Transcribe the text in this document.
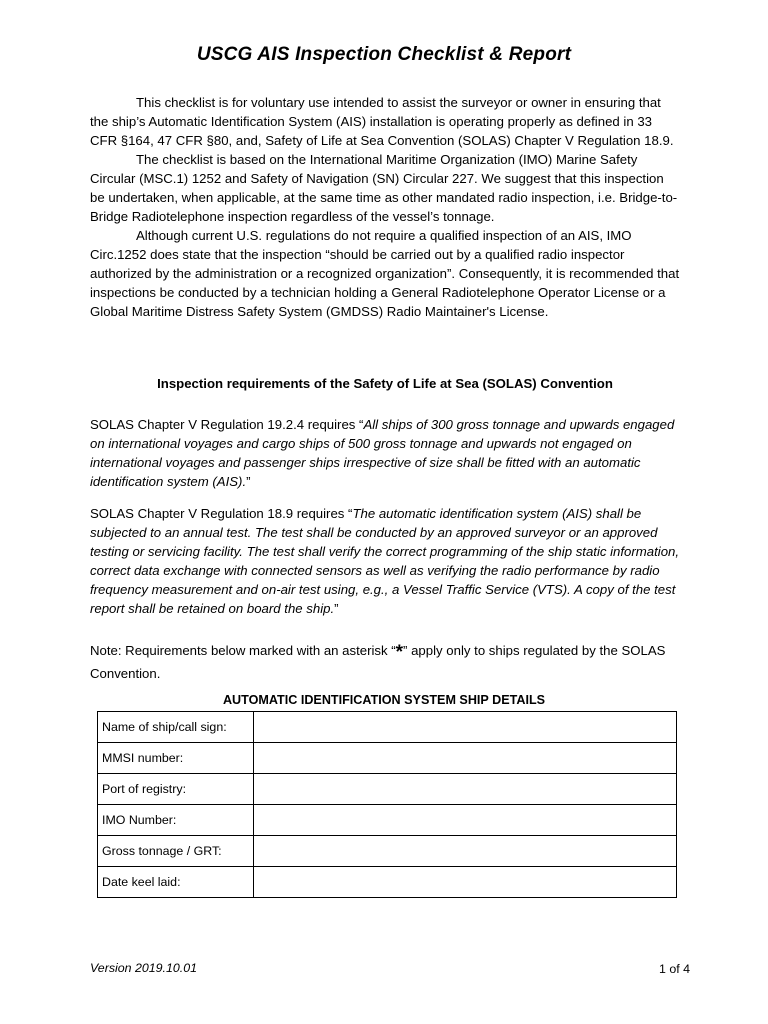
USCG AIS Inspection Checklist & Report

This checklist is for voluntary use intended to assist the surveyor or owner in ensuring that the ship’s Automatic Identification System (AIS) installation is operating properly as defined in 33 CFR §164, 47 CFR §80, and, Safety of Life at Sea Convention (SOLAS) Chapter V Regulation 18.9.

The checklist is based on the International Maritime Organization (IMO) Marine Safety Circular (MSC.1) 1252 and Safety of Navigation (SN) Circular 227. We suggest that this inspection be undertaken, when applicable, at the same time as other mandated radio inspection, i.e. Bridge-to-Bridge Radiotelephone inspection regardless of the vessel’s tonnage.

Although current U.S. regulations do not require a qualified inspection of an AIS, IMO Circ.1252 does state that the inspection “should be carried out by a qualified radio inspector authorized by the administration or a recognized organization”. Consequently, it is recommended that inspections be conducted by a technician holding a General Radiotelephone Operator License or a Global Maritime Distress Safety System (GMDSS) Radio Maintainer's License.

Inspection requirements of the Safety of Life at Sea (SOLAS) Convention

SOLAS Chapter V Regulation 19.2.4 requires “All ships of 300 gross tonnage and upwards engaged on international voyages and cargo ships of 500 gross tonnage and upwards not engaged on international voyages and passenger ships irrespective of size shall be fitted with an automatic identification system (AIS).”

SOLAS Chapter V Regulation 18.9 requires “The automatic identification system (AIS) shall be subjected to an annual test. The test shall be conducted by an approved surveyor or an approved testing or servicing facility. The test shall verify the correct programming of the ship static information, correct data exchange with connected sensors as well as verifying the radio performance by radio frequency measurement and on-air test using, e.g., a Vessel Traffic Service (VTS). A copy of the test report shall be retained on board the ship.”

Note: Requirements below marked with an asterisk “*” apply only to ships regulated by the SOLAS Convention.

AUTOMATIC IDENTIFICATION SYSTEM SHIP DETAILS
Name of ship/call sign:	
MMSI number:	
Port of registry:	
IMO Number:	
Gross tonnage / GRT:	
Date keel laid:	
Version 2019.10.01	1 of 4
